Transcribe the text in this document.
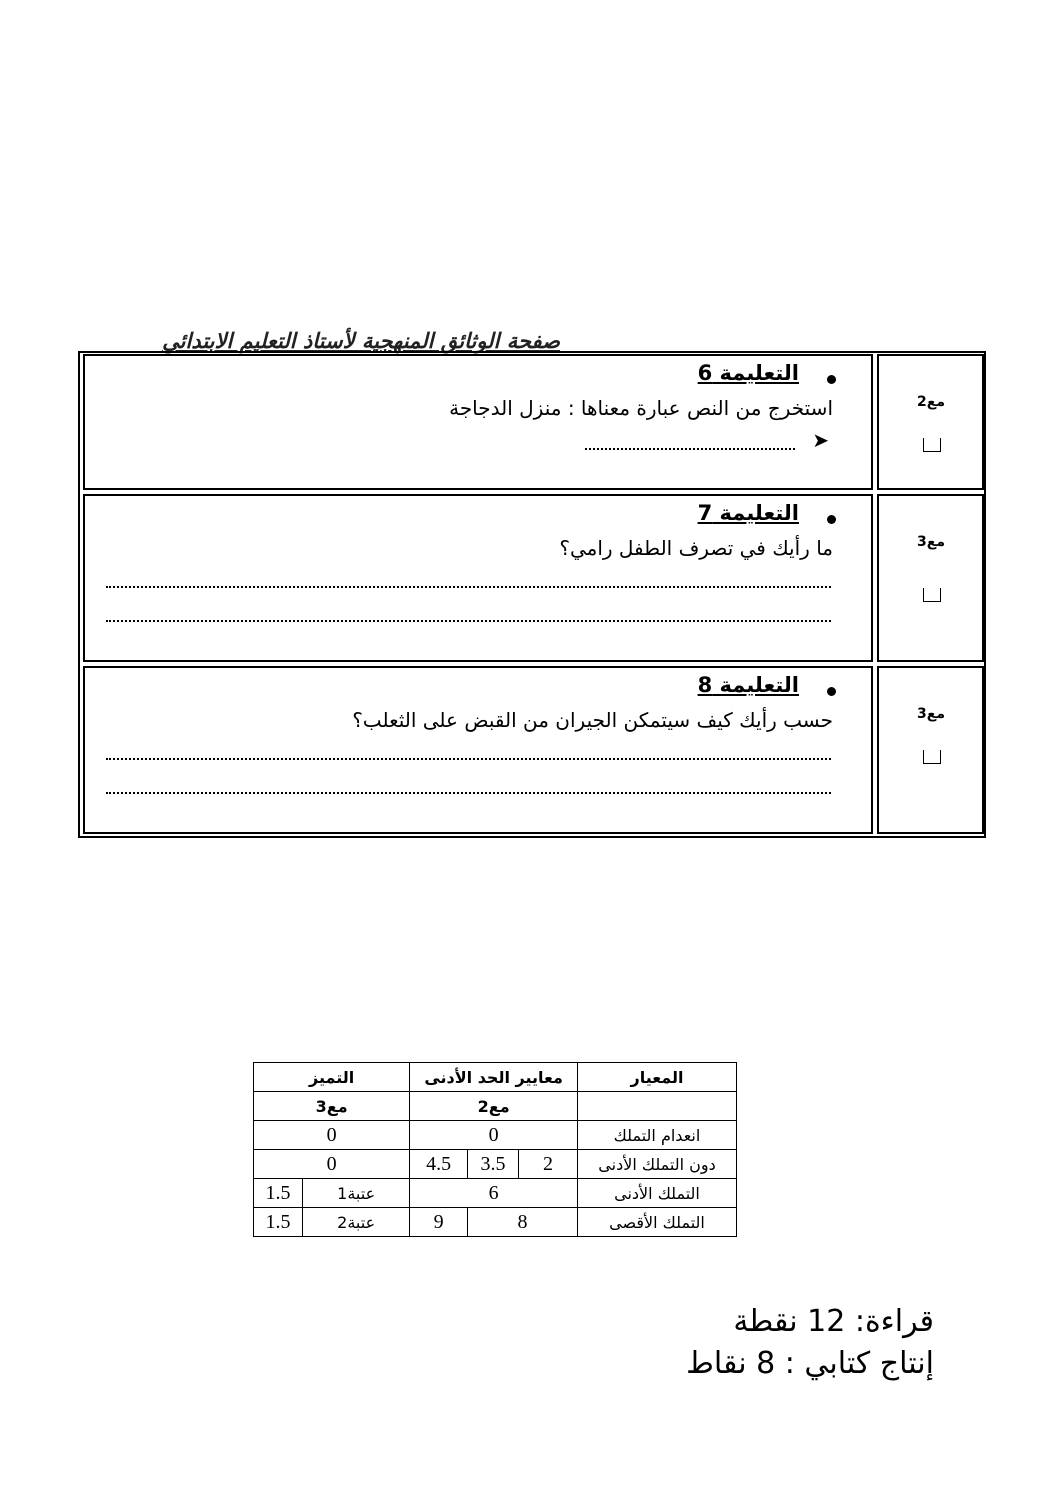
صفحة الوثائق المنهجية لأستاذ التعليم الابتدائي
التعليمة 6
استخرج من النص عبارة معناها : منزل الدجاجة
➤
مع2
التعليمة 7
ما رأيك في تصرف الطفل رامي؟	مع3
التعليمة 8
حسب رأيك كيف سيتمكن الجيران من القبض على الثعلب؟	مع3
التميز		معايير الحد الأدنى			المعيار
مع3		مع2			
0		0			انعدام التملك
0		4.5	3.5	2	دون التملك الأدنى
1.5	عتبة1	6			التملك الأدنى
1.5	عتبة2	9	8		التملك الأقصى
قراءة: 12 نقطة
إنتاج كتابي : 8 نقاط
